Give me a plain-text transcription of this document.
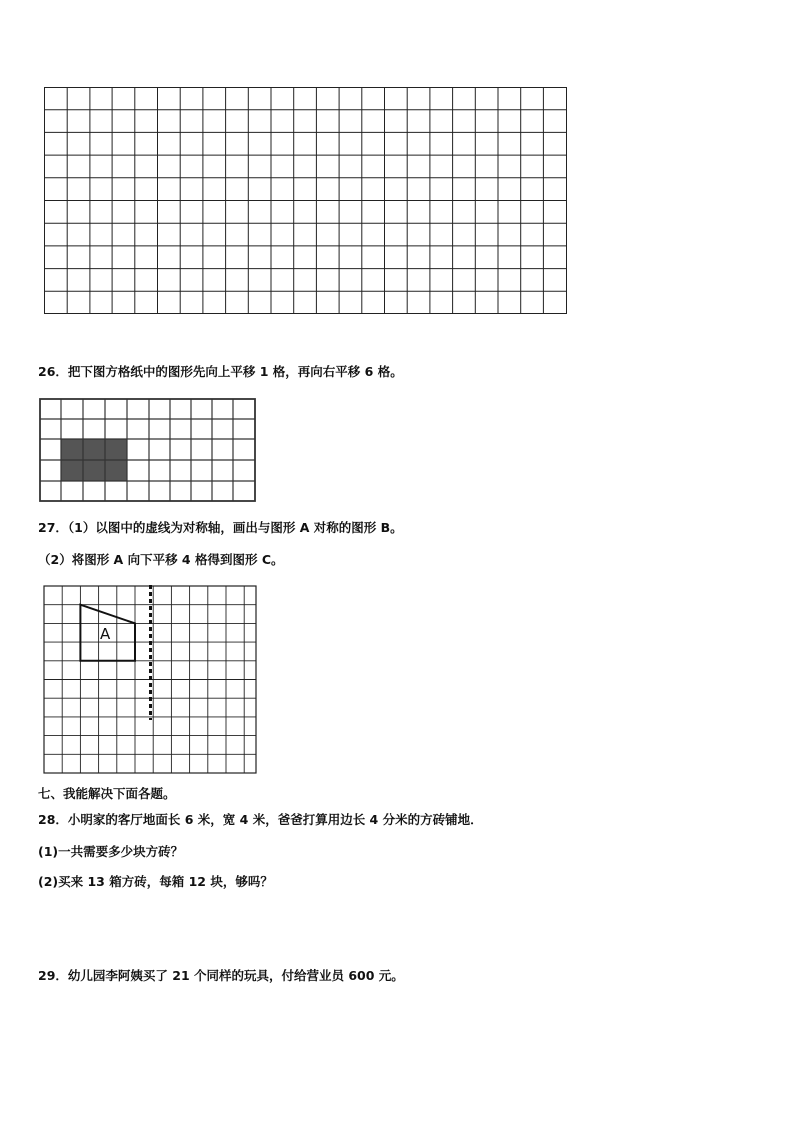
26．把下图方格纸中的图形先向上平移 1 格，再向右平移 6 格。
27．（1）以图中的虚线为对称轴，画出与图形 A 对称的图形 B。
（2）将图形 A 向下平移 4 格得到图形 C。
A
七、我能解决下面各题。
28．小明家的客厅地面长 6 米，宽 4 米，爸爸打算用边长 4 分米的方砖铺地．
(1)一共需要多少块方砖？
(2)买来 13 箱方砖，每箱 12 块，够吗？
29．幼儿园李阿姨买了 21 个同样的玩具，付给营业员 600 元。
